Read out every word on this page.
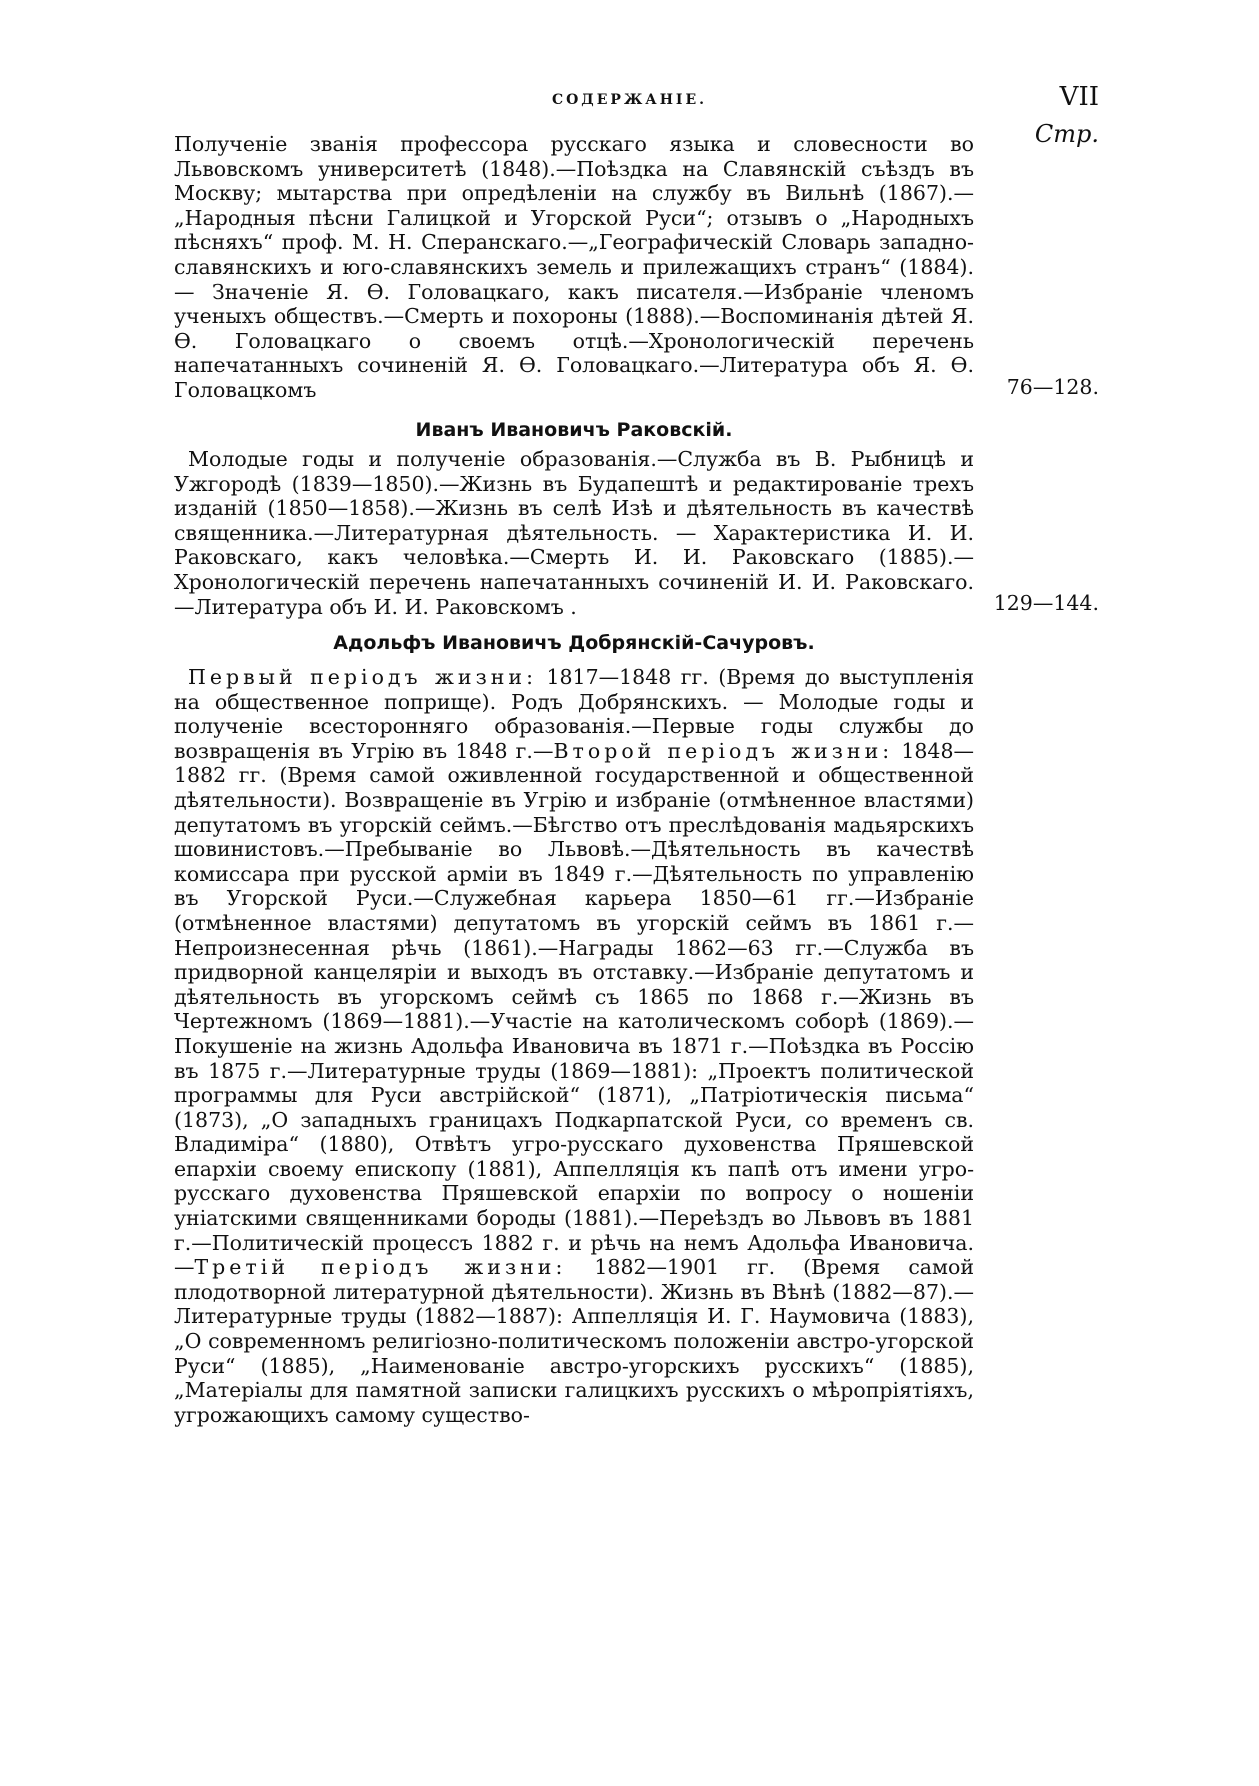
СОДЕРЖАНІЕ.	VII
Стр.

Полученіе званія профессора русскаго языка и словесности во Львовскомъ университетѣ (1848).—Поѣздка на Славянскій съѣздъ въ Москву; мытарства при опредѣленіи на службу въ Вильнѣ (1867).—„Народныя пѣсни Галицкой и Угорской Руси“; отзывъ о „Народныхъ пѣсняхъ“ проф. М. Н. Сперанскаго.—„Географическій Словарь западно-славянскихъ и юго-славянскихъ земель и прилежащихъ странъ“ (1884). — Значеніе Я. Ѳ. Головацкаго, какъ писателя.—Избраніе членомъ ученыхъ обществъ.—Смерть и похороны (1888).—Воспоминанія дѣтей Я. Ѳ. Головацкаго о своемъ отцѣ.—Хронологическій перечень напечатанныхъ сочиненій Я. Ѳ. Головацкаго.—Литература объ Я. Ѳ. Головацкомъ	76—128.
Иванъ Ивановичъ Раковскій.

Молодые годы и полученіе образованія.—Служба въ В. Рыбницѣ и Ужгородѣ (1839—1850).—Жизнь въ Будапештѣ и редактированіе трехъ изданій (1850—1858).—Жизнь въ селѣ Изѣ и дѣятельность въ качествѣ священника.—Литературная дѣятельность. — Характеристика И. И. Раковскаго, какъ человѣка.—Смерть И. И. Раковскаго (1885).—Хронологическій перечень напечатанныхъ сочиненій И. И. Раковскаго.—Литература объ И. И. Раковскомъ .	129—144.
Адольфъ Ивановичъ Добрянскій-Сачуровъ.

Первый періодъ жизни: 1817—1848 гг. (Время до выступленія на общественное поприще). Родъ Добрянскихъ. — Молодые годы и полученіе всесторонняго образованія.—Первые годы службы до возвращенія въ Угрію въ 1848 г.—Второй періодъ жизни: 1848—1882 гг. (Время самой оживленной государственной и общественной дѣятельности). Возвращеніе въ Угрію и избраніе (отмѣненное властями) депутатомъ въ угорскій сеймъ.—Бѣгство отъ преслѣдованія мадьярскихъ шовинистовъ.—Пребываніе во Львовѣ.—Дѣятельность въ качествѣ комиссара при русской арміи въ 1849 г.—Дѣятельность по управленію въ Угорской Руси.—Служебная карьера 1850—61 гг.—Избраніе (отмѣненное властями) депутатомъ въ угорскій сеймъ въ 1861 г.—Непроизнесенная рѣчь (1861).—Награды 1862—63 гг.—Служба въ придворной канцеляріи и выходъ въ отставку.—Избраніе депутатомъ и дѣятельность въ угорскомъ сеймѣ съ 1865 по 1868 г.—Жизнь въ Чертежномъ (1869—1881).—Участіе на католическомъ соборѣ (1869).—Покушеніе на жизнь Адольфа Ивановича въ 1871 г.—Поѣздка въ Россію въ 1875 г.—Литературные труды (1869—1881): „Проектъ политической программы для Руси австрійской“ (1871), „Патріотическія письма“ (1873), „О западныхъ границахъ Подкарпатской Руси, со временъ св. Владиміра“ (1880), Отвѣтъ угро-русскаго духовенства Пряшевской епархіи своему епископу (1881), Аппелляція къ папѣ отъ имени угро-русскаго духовенства Пряшевской епархіи по вопросу о ношеніи уніатскими священниками бороды (1881).—Переѣздъ во Львовъ въ 1881 г.—Политическій процессъ 1882 г. и рѣчь на немъ Адольфа Ивановича.—Третій періодъ жизни: 1882—1901 гг. (Время самой плодотворной литературной дѣятельности). Жизнь въ Вѣнѣ (1882—87).—Литературные труды (1882—1887): Аппелляція И. Г. Наумовича (1883), „О современномъ религіозно-политическомъ положеніи австро-угорской Руси“ (1885), „Наименованіе австро-угорскихъ русскихъ“ (1885), „Матеріалы для памятной записки галицкихъ русскихъ о мѣропріятіяхъ, угрожающихъ самому существо-
